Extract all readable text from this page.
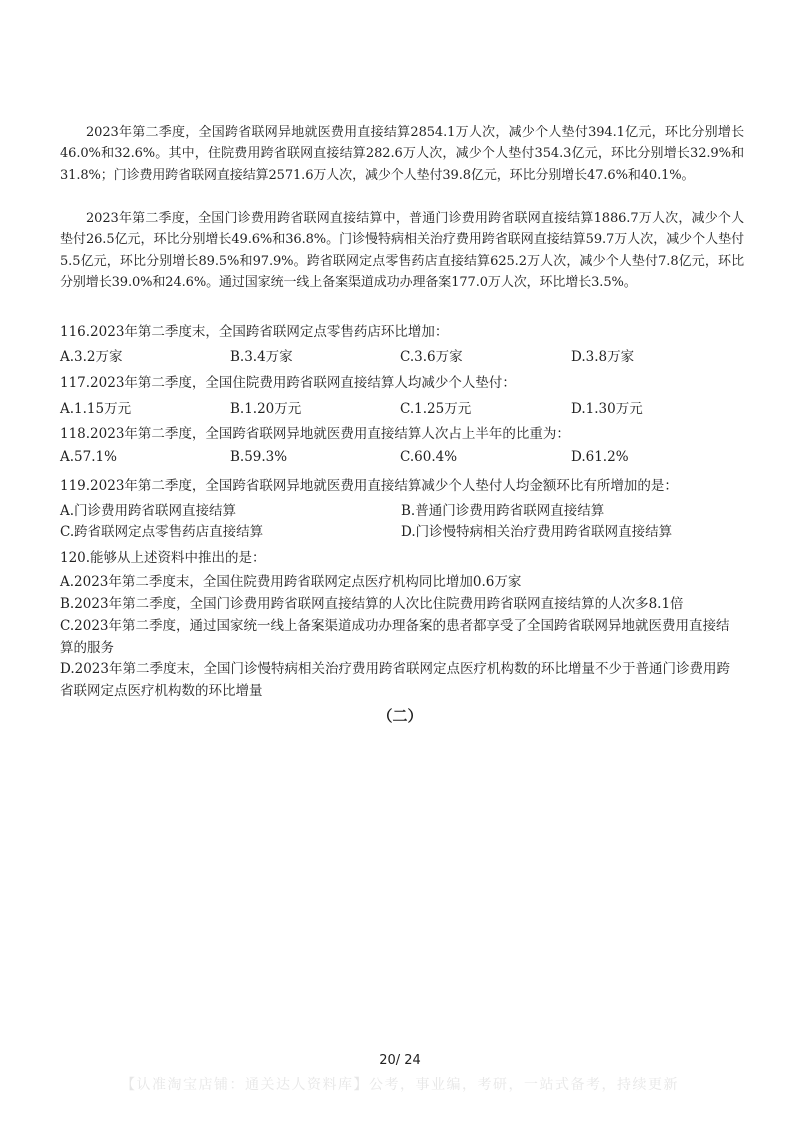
2023年第二季度，全国跨省联网异地就医费用直接结算2854.1万人次，减少个人垫付394.1亿元，环比分别增长46.0%和32.6%。其中，住院费用跨省联网直接结算282.6万人次，减少个人垫付354.3亿元，环比分别增长32.9%和31.8%；门诊费用跨省联网直接结算2571.6万人次，减少个人垫付39.8亿元，环比分别增长47.6%和40.1%。

2023年第二季度，全国门诊费用跨省联网直接结算中，普通门诊费用跨省联网直接结算1886.7万人次，减少个人垫付26.5亿元，环比分别增长49.6%和36.8%。门诊慢特病相关治疗费用跨省联网直接结算59.7万人次，减少个人垫付5.5亿元，环比分别增长89.5%和97.9%。跨省联网定点零售药店直接结算625.2万人次，减少个人垫付7.8亿元，环比分别增长39.0%和24.6%。通过国家统一线上备案渠道成功办理备案177.0万人次，环比增长3.5%。

116.2023年第二季度末，全国跨省联网定点零售药店环比增加：

A.3.2万家	B.3.4万家	C.3.6万家	D.3.8万家

117.2023年第二季度，全国住院费用跨省联网直接结算人均减少个人垫付：

A.1.15万元	B.1.20万元	C.1.25万元	D.1.30万元

118.2023年第二季度，全国跨省联网异地就医费用直接结算人次占上半年的比重为：

A.57.1%	B.59.3%	C.60.4%	D.61.2%

119.2023年第二季度，全国跨省联网异地就医费用直接结算减少个人垫付人均金额环比有所增加的是：

A.门诊费用跨省联网直接结算	B.普通门诊费用跨省联网直接结算
C.跨省联网定点零售药店直接结算	D.门诊慢特病相关治疗费用跨省联网直接结算

120.能够从上述资料中推出的是：

A.2023年第二季度末，全国住院费用跨省联网定点医疗机构同比增加0.6万家

B.2023年第二季度，全国门诊费用跨省联网直接结算的人次比住院费用跨省联网直接结算的人次多8.1倍

C.2023年第二季度，通过国家统一线上备案渠道成功办理备案的患者都享受了全国跨省联网异地就医费用直接结算的服务

D.2023年第二季度末，全国门诊慢特病相关治疗费用跨省联网定点医疗机构数的环比增量不少于普通门诊费用跨省联网定点医疗机构数的环比增量

（二）
20/ 24
【认准淘宝店铺：通关达人资料库】公考，事业编，考研，一站式备考，持续更新
